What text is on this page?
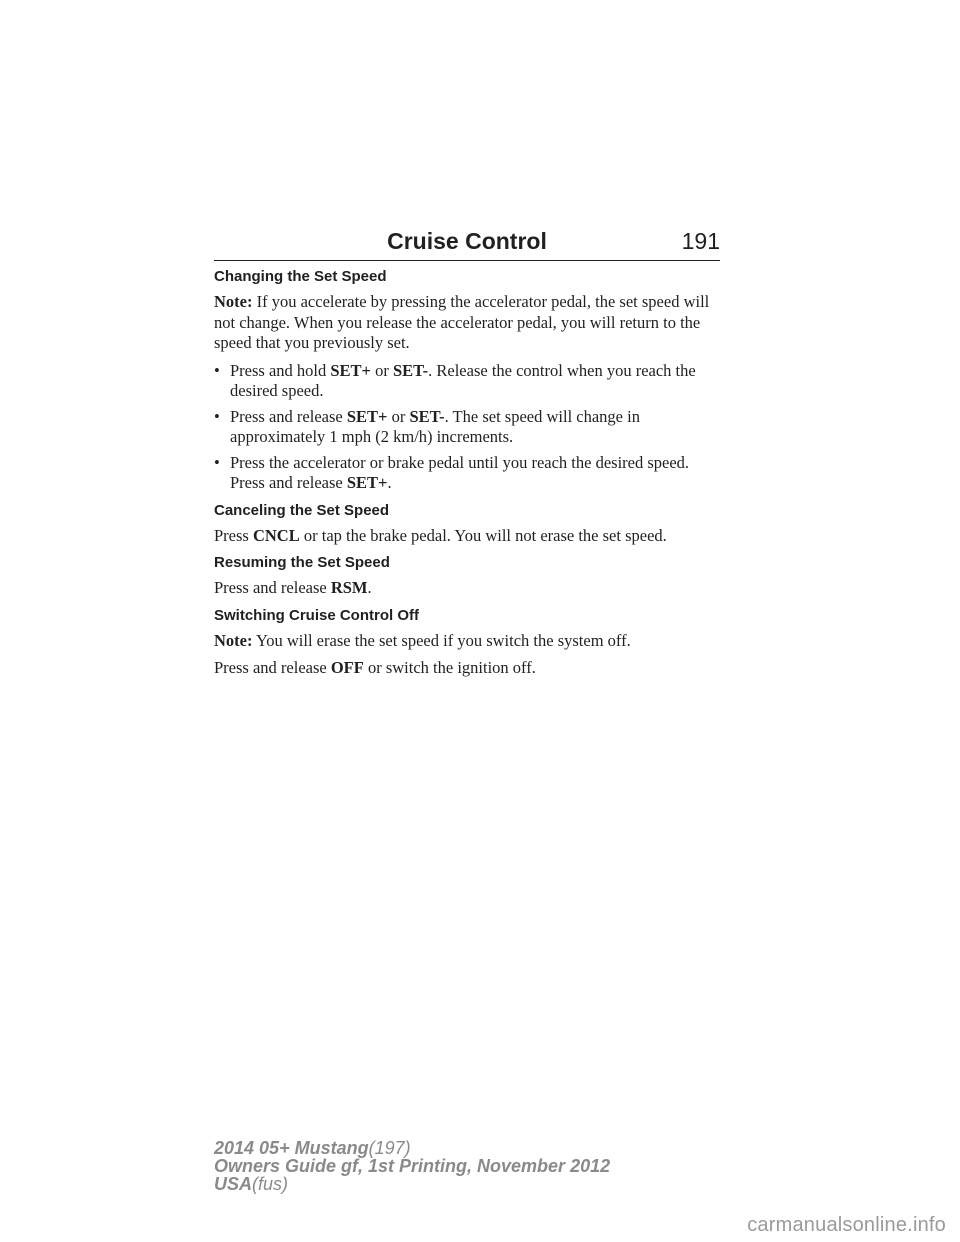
Cruise Control	191
Changing the Set Speed

Note: If you accelerate by pressing the accelerator pedal, the set speed will not change. When you release the accelerator pedal, you will return to the speed that you previously set.

• Press and hold SET+ or SET-. Release the control when you reach the desired speed.
• Press and release SET+ or SET-. The set speed will change in approximately 1 mph (2 km/h) increments.
• Press the accelerator or brake pedal until you reach the desired speed. Press and release SET+.
Canceling the Set Speed

Press CNCL or tap the brake pedal. You will not erase the set speed.

Resuming the Set Speed

Press and release RSM.

Switching Cruise Control Off

Note: You will erase the set speed if you switch the system off.

Press and release OFF or switch the ignition off.

2014 05+ Mustang(197)
Owners Guide gf, 1st Printing, November 2012
USA(fus)
carmanualsonline.info
